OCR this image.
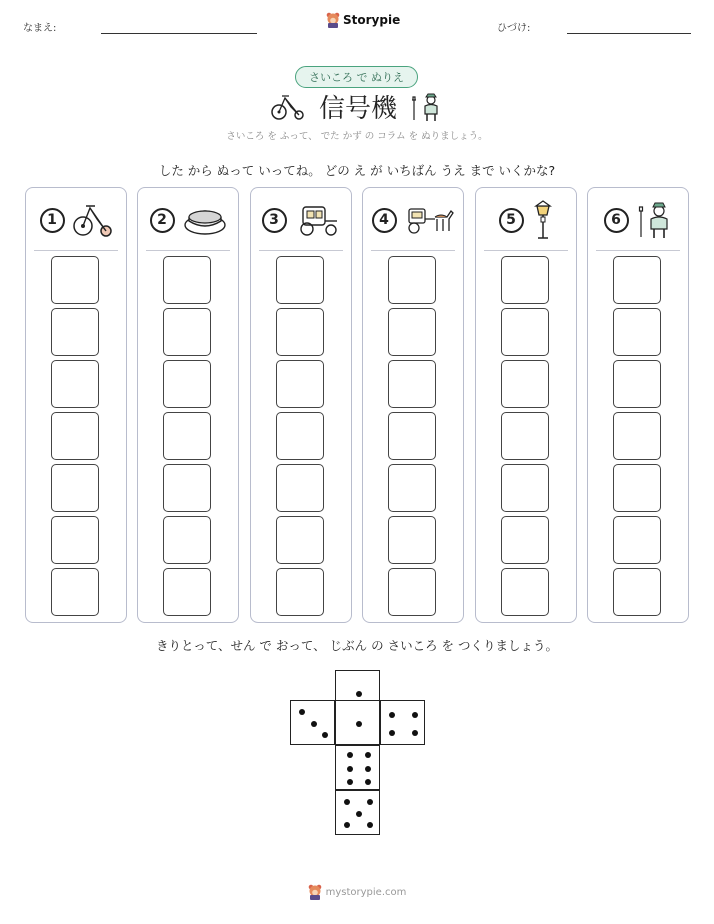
なまえ:
Storypie
ひづけ:
さいころ で ぬりえ
信号機
さいころ を ふって、 でた かず の コラム を ぬりましょう。
した から ぬって いってね。 どの え が いちばん うえ まで いくかな?
1	2	3	4	5	6
きりとって、せん で おって、 じぶん の さいころ を つくりましょう。
mystorypie.com
